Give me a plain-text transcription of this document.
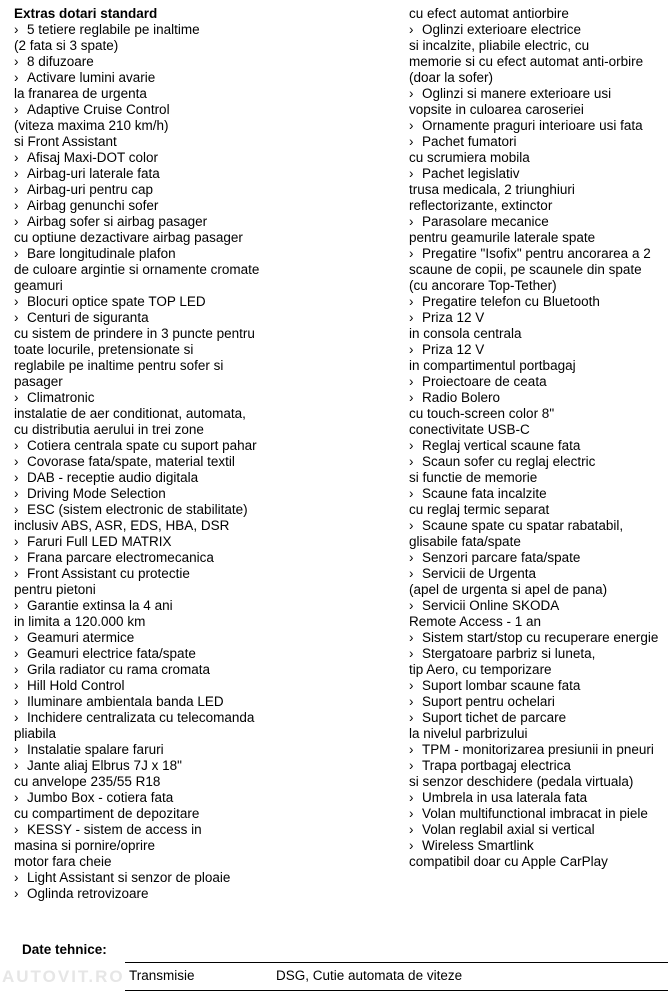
Extras dotari standard
› 5 tetiere reglabile pe inaltime
(2 fata si 3 spate)
› 8 difuzoare
› Activare lumini avarie
la franarea de urgenta
› Adaptive Cruise Control
(viteza maxima 210 km/h)
si Front Assistant
› Afisaj Maxi-DOT color
› Airbag-uri laterale fata
› Airbag-uri pentru cap
› Airbag genunchi sofer
› Airbag sofer si airbag pasager
cu optiune dezactivare airbag pasager
› Bare longitudinale plafon
de culoare argintie si ornamente cromate
geamuri
› Blocuri optice spate TOP LED
› Centuri de siguranta
cu sistem de prindere in 3 puncte pentru
toate locurile, pretensionate si
reglabile pe inaltime pentru sofer si
pasager
› Climatronic
instalatie de aer conditionat, automata,
cu distributia aerului in trei zone
› Cotiera centrala spate cu suport pahar
› Covorase fata/spate, material textil
› DAB - receptie audio digitala
› Driving Mode Selection
› ESC (sistem electronic de stabilitate)
inclusiv ABS, ASR, EDS, HBA, DSR
› Faruri Full LED MATRIX
› Frana parcare electromecanica
› Front Assistant cu protectie
pentru pietoni
› Garantie extinsa la 4 ani
in limita a 120.000 km
› Geamuri atermice
› Geamuri electrice fata/spate
› Grila radiator cu rama cromata
› Hill Hold Control
› Iluminare ambientala banda LED
› Inchidere centralizata cu telecomanda
pliabila
› Instalatie spalare faruri
› Jante aliaj Elbrus 7J x 18"
cu anvelope 235/55 R18
› Jumbo Box - cotiera fata
cu compartiment de depozitare
› KESSY - sistem de access in
masina si pornire/oprire
motor fara cheie
› Light Assistant si senzor de ploaie
› Oglinda retrovizoare
cu efect automat antiorbire
› Oglinzi exterioare electrice
si incalzite, pliabile electric, cu
memorie si cu efect automat anti-orbire
(doar la sofer)
› Oglinzi si manere exterioare usi
vopsite in culoarea caroseriei
› Ornamente praguri interioare usi fata
› Pachet fumatori
cu scrumiera mobila
› Pachet legislativ
trusa medicala, 2 triunghiuri
reflectorizante, extinctor
› Parasolare mecanice
pentru geamurile laterale spate
› Pregatire "Isofix" pentru ancorarea a 2
scaune de copii, pe scaunele din spate
(cu ancorare Top-Tether)
› Pregatire telefon cu Bluetooth
› Priza 12 V
in consola centrala
› Priza 12 V
in compartimentul portbagaj
› Proiectoare de ceata
› Radio Bolero
cu touch-screen color 8"
conectivitate USB-C
› Reglaj vertical scaune fata
› Scaun sofer cu reglaj electric
si functie de memorie
› Scaune fata incalzite
cu reglaj termic separat
› Scaune spate cu spatar rabatabil,
glisabile fata/spate
› Senzori parcare fata/spate
› Servicii de Urgenta
(apel de urgenta si apel de pana)
› Servicii Online SKODA
Remote Access - 1 an
› Sistem start/stop cu recuperare energie
› Stergatoare parbriz si luneta,
tip Aero, cu temporizare
› Suport lombar scaune fata
› Suport pentru ochelari
› Suport tichet de parcare
la nivelul parbrizului
› TPM - monitorizarea presiunii in pneuri
› Trapa portbagaj electrica
si senzor deschidere (pedala virtuala)
› Umbrela in usa laterala fata
› Volan multifunctional imbracat in piele
› Volan reglabil axial si vertical
› Wireless Smartlink
compatibil doar cu Apple CarPlay
Date tehnice:
Transmisie	DSG, Cutie automata de viteze
AUTOVIT.RO
